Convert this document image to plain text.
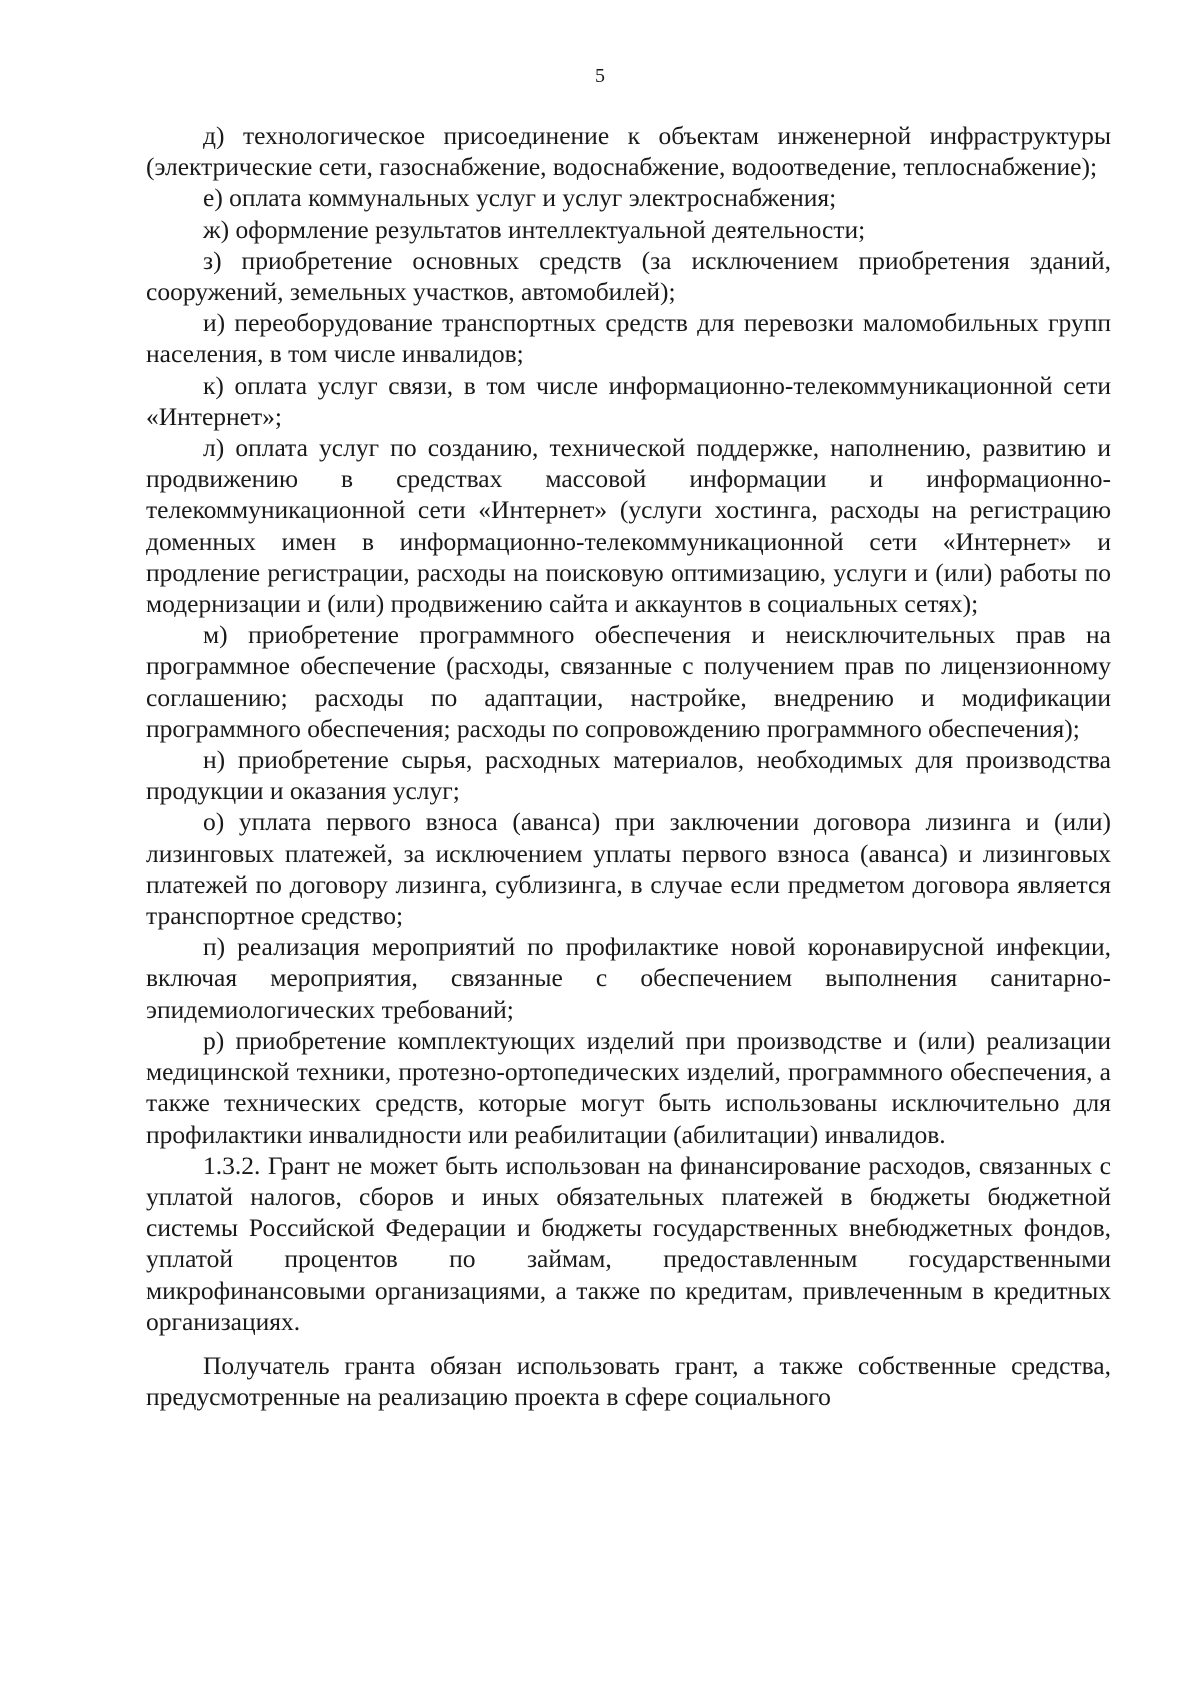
5

д) технологическое присоединение к объектам инженерной инфраструктуры (электрические сети, газоснабжение, водоснабжение, водоотведение, теплоснабжение);

е) оплата коммунальных услуг и услуг электроснабжения;

ж) оформление результатов интеллектуальной деятельности;

з) приобретение основных средств (за исключением приобретения зданий, сооружений, земельных участков, автомобилей);

и) переоборудование транспортных средств для перевозки маломобильных групп населения, в том числе инвалидов;

к) оплата услуг связи, в том числе информационно-телекоммуникационной сети «Интернет»;

л) оплата услуг по созданию, технической поддержке, наполнению, развитию и продвижению в средствах массовой информации и информационно-телекоммуникационной сети «Интернет» (услуги хостинга, расходы на регистрацию доменных имен в информационно-телекоммуникационной сети «Интернет» и продление регистрации, расходы на поисковую оптимизацию, услуги и (или) работы по модернизации и (или) продвижению сайта и аккаунтов в социальных сетях);

м) приобретение программного обеспечения и неисключительных прав на программное обеспечение (расходы, связанные с получением прав по лицензионному соглашению; расходы по адаптации, настройке, внедрению и модификации программного обеспечения; расходы по сопровождению программного обеспечения);

н) приобретение сырья, расходных материалов, необходимых для производства продукции и оказания услуг;

о) уплата первого взноса (аванса) при заключении договора лизинга и (или) лизинговых платежей, за исключением уплаты первого взноса (аванса) и лизинговых платежей по договору лизинга, сублизинга, в случае если предметом договора является транспортное средство;

п) реализация мероприятий по профилактике новой коронавирусной инфекции, включая мероприятия, связанные с обеспечением выполнения санитарно-эпидемиологических требований;

р) приобретение комплектующих изделий при производстве и (или) реализации медицинской техники, протезно-ортопедических изделий, программного обеспечения, а также технических средств, которые могут быть использованы исключительно для профилактики инвалидности или реабилитации (абилитации) инвалидов.

1.3.2. Грант не может быть использован на финансирование расходов, связанных с уплатой налогов, сборов и иных обязательных платежей в бюджеты бюджетной системы Российской Федерации и бюджеты государственных внебюджетных фондов, уплатой процентов по займам, предоставленным государственными микрофинансовыми организациями, а также по кредитам, привлеченным в кредитных организациях.

Получатель гранта обязан использовать грант, а также собственные средства, предусмотренные на реализацию проекта в сфере социального
